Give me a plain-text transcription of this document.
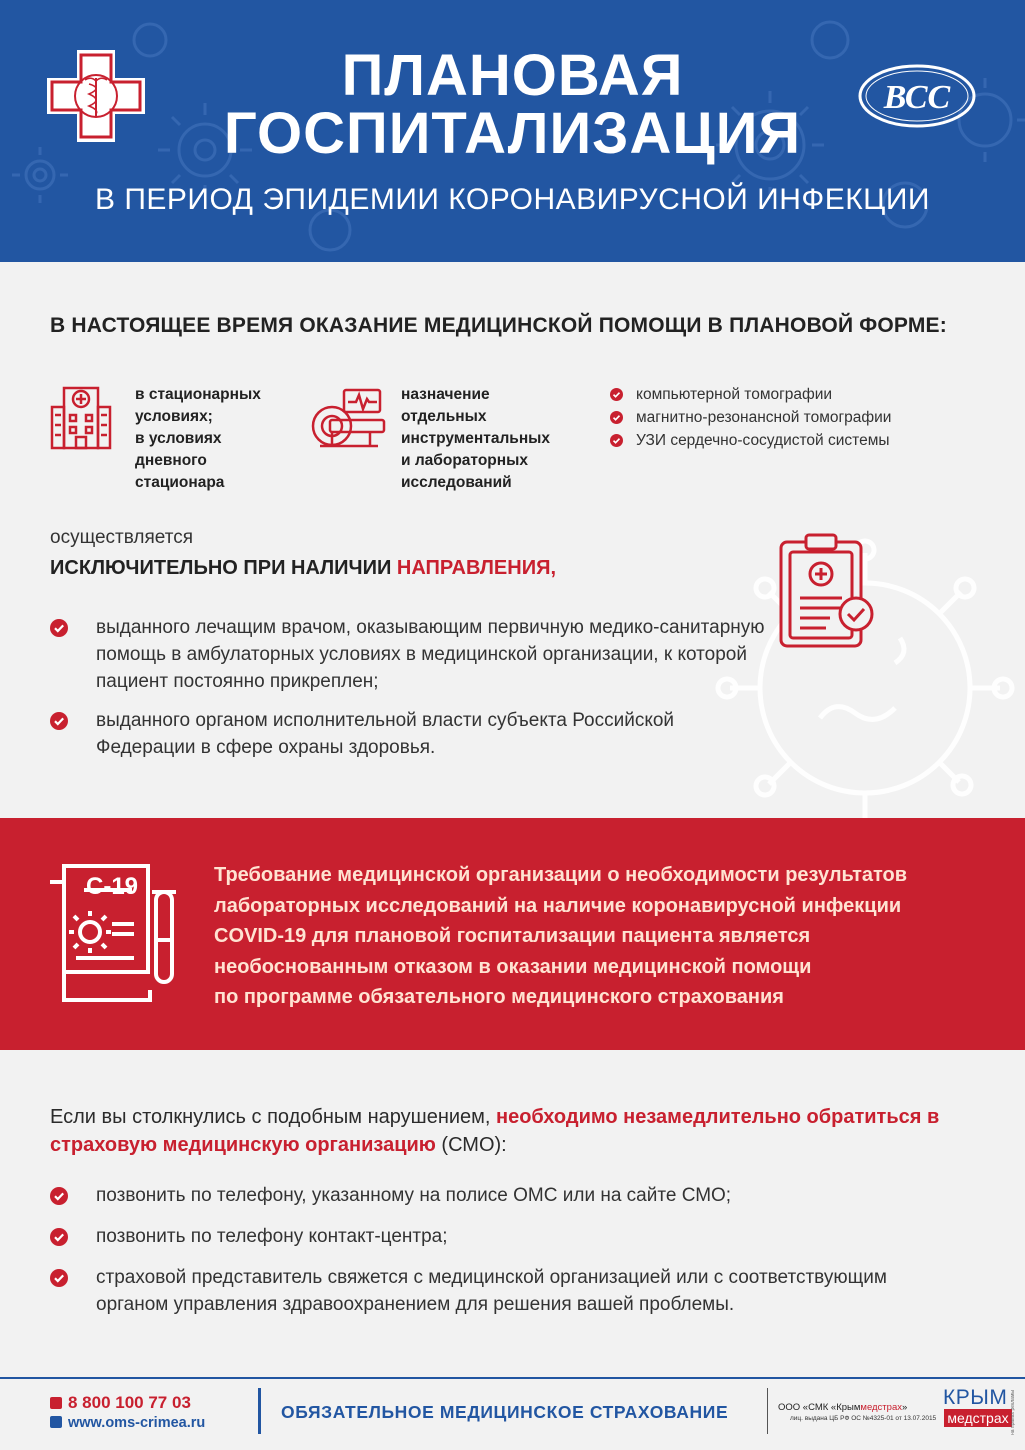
ПЛАНОВАЯ
ГОСПИТАЛИЗАЦИЯ
ВСС
В ПЕРИОД ЭПИДЕМИИ КОРОНАВИРУСНОЙ ИНФЕКЦИИ
В НАСТОЯЩЕЕ ВРЕМЯ ОКАЗАНИЕ МЕДИЦИНСКОЙ ПОМОЩИ В ПЛАНОВОЙ ФОРМЕ:
в стационарных
условиях;
в условиях
дневного
стационара
назначение
отдельных
инструментальных
и лабораторных
исследований
компьютерной томографии
магнитно-резонансной томографии
УЗИ сердечно-сосудистой системы
осуществляется
ИСКЛЮЧИТЕЛЬНО ПРИ НАЛИЧИИ НАПРАВЛЕНИЯ,
выданного лечащим врачом, оказывающим первичную медико-санитарную помощь в амбулаторных условиях в медицинской организации, к которой пациент постоянно прикреплен;
выданного органом исполнительной власти субъекта Российской Федерации в сфере охраны здоровья.
C-19	Требование медицинской организации о необходимости результатов
лабораторных исследований на наличие коронавирусной инфекции
COVID-19 для плановой госпитализации пациента является
необоснованным отказом в оказании медицинской помощи
по программе обязательного медицинского страхования
Если вы столкнулись с подобным нарушением, необходимо незамедлительно обратиться в страховую медицинскую организацию (СМО):
позвонить по телефону, указанному на полисе ОМС или на сайте СМО;
позвонить по телефону контакт-центра;
страховой представитель свяжется с медицинской организацией или с соответствующим органом управления здравоохранением для решения вашей проблемы.
8 800 100 77 03
www.oms-crimea.ru
ОБЯЗАТЕЛЬНОЕ МЕДИЦИНСКОЕ СТРАХОВАНИЕ	ООО «СМК «Крыммедстрах»
лиц. выдана ЦБ РФ ОС №4325-01 от 13.07.2015
КРЫМ
медстрах на правах рекламы
